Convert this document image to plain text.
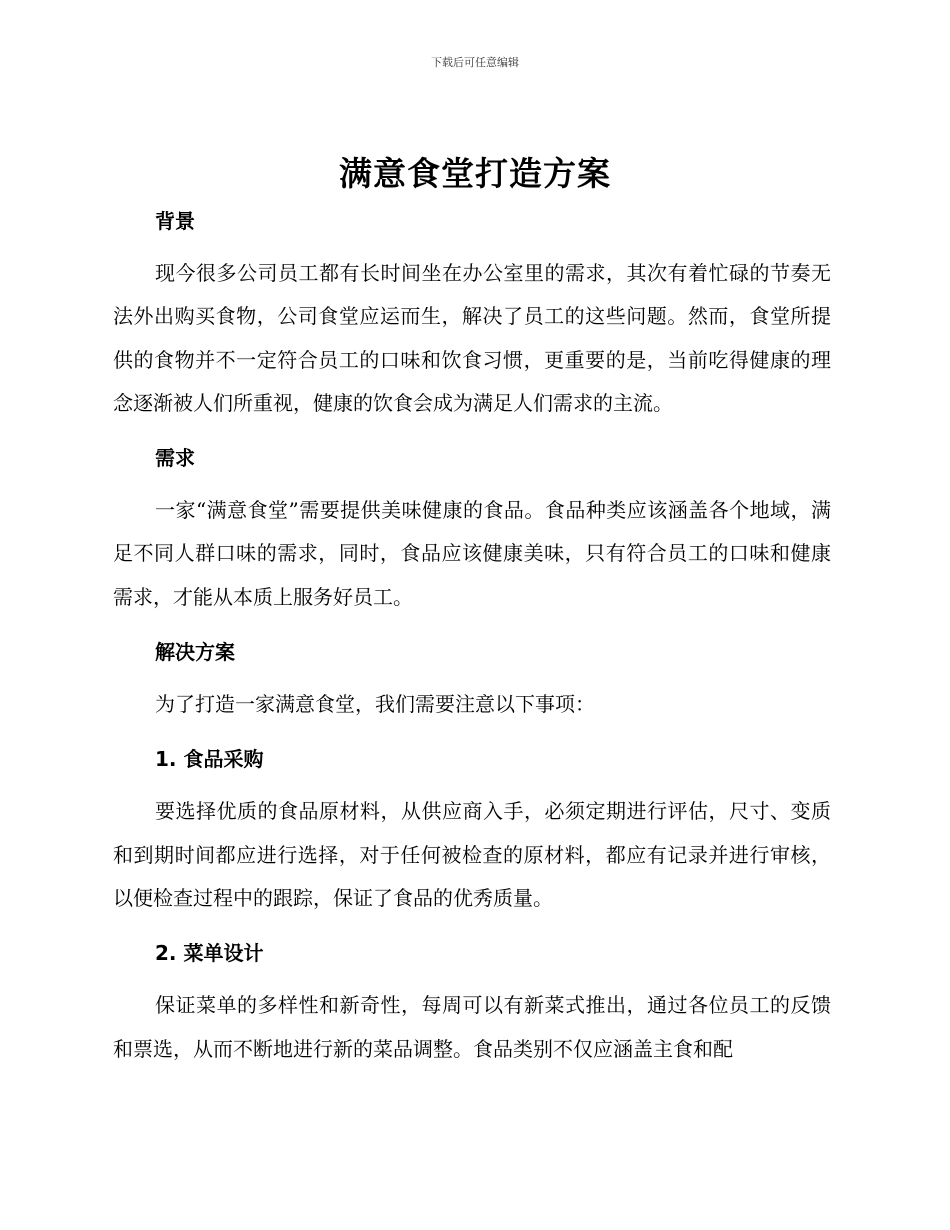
下载后可任意编辑
满意食堂打造方案
背景

现今很多公司员工都有长时间坐在办公室里的需求，其次有着忙碌的节奏无法外出购买食物，公司食堂应运而生，解决了员工的这些问题。然而，食堂所提供的食物并不一定符合员工的口味和饮食习惯，更重要的是，当前吃得健康的理念逐渐被人们所重视，健康的饮食会成为满足人们需求的主流。

需求

一家“满意食堂”需要提供美味健康的食品。食品种类应该涵盖各个地域，满足不同人群口味的需求，同时，食品应该健康美味，只有符合员工的口味和健康需求，才能从本质上服务好员工。

解决方案

为了打造一家满意食堂，我们需要注意以下事项：

1. 食品采购

要选择优质的食品原材料，从供应商入手，必须定期进行评估，尺寸、变质和到期时间都应进行选择，对于任何被检查的原材料，都应有记录并进行审核，以便检查过程中的跟踪，保证了食品的优秀质量。

2. 菜单设计

保证菜单的多样性和新奇性，每周可以有新菜式推出，通过各位员工的反馈和票选，从而不断地进行新的菜品调整。食品类别不仅应涵盖主食和配
